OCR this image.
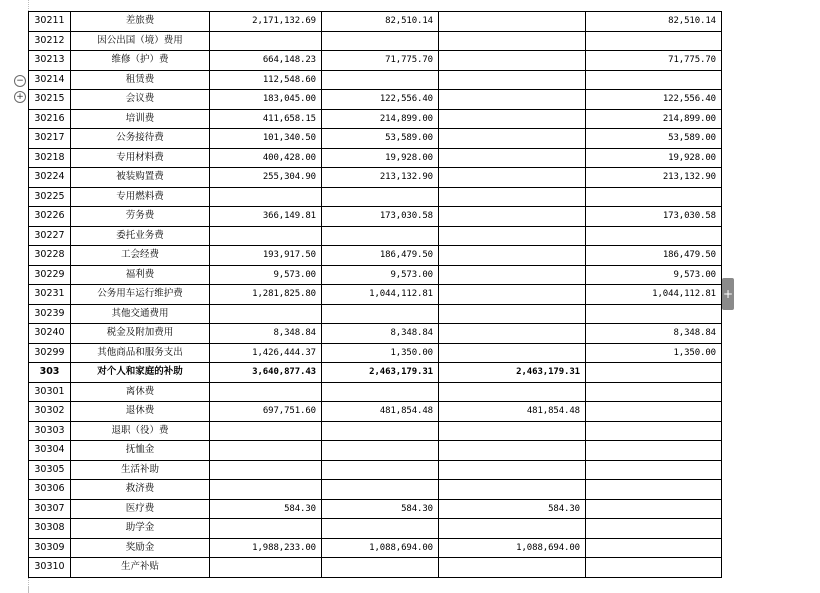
−
+
+
30211	差旅费	2,171,132.69	82,510.14		82,510.14
30212	因公出国（境）费用				
30213	维修（护）费	664,148.23	71,775.70		71,775.70
30214	租赁费	112,548.60			
30215	会议费	183,045.00	122,556.40		122,556.40
30216	培训费	411,658.15	214,899.00		214,899.00
30217	公务接待费	101,340.50	53,589.00		53,589.00
30218	专用材料费	400,428.00	19,928.00		19,928.00
30224	被装购置费	255,304.90	213,132.90		213,132.90
30225	专用燃料费				
30226	劳务费	366,149.81	173,030.58		173,030.58
30227	委托业务费				
30228	工会经费	193,917.50	186,479.50		186,479.50
30229	福利费	9,573.00	9,573.00		9,573.00
30231	公务用车运行维护费	1,281,825.80	1,044,112.81		1,044,112.81
30239	其他交通费用				
30240	税金及附加费用	8,348.84	8,348.84		8,348.84
30299	其他商品和服务支出	1,426,444.37	1,350.00		1,350.00
303	对个人和家庭的补助	3,640,877.43	2,463,179.31	2,463,179.31	
30301	离休费				
30302	退休费	697,751.60	481,854.48	481,854.48	
30303	退职（役）费				
30304	抚恤金				
30305	生活补助				
30306	救济费				
30307	医疗费	584.30	584.30	584.30	
30308	助学金				
30309	奖励金	1,988,233.00	1,088,694.00	1,088,694.00	
30310	生产补贴				
